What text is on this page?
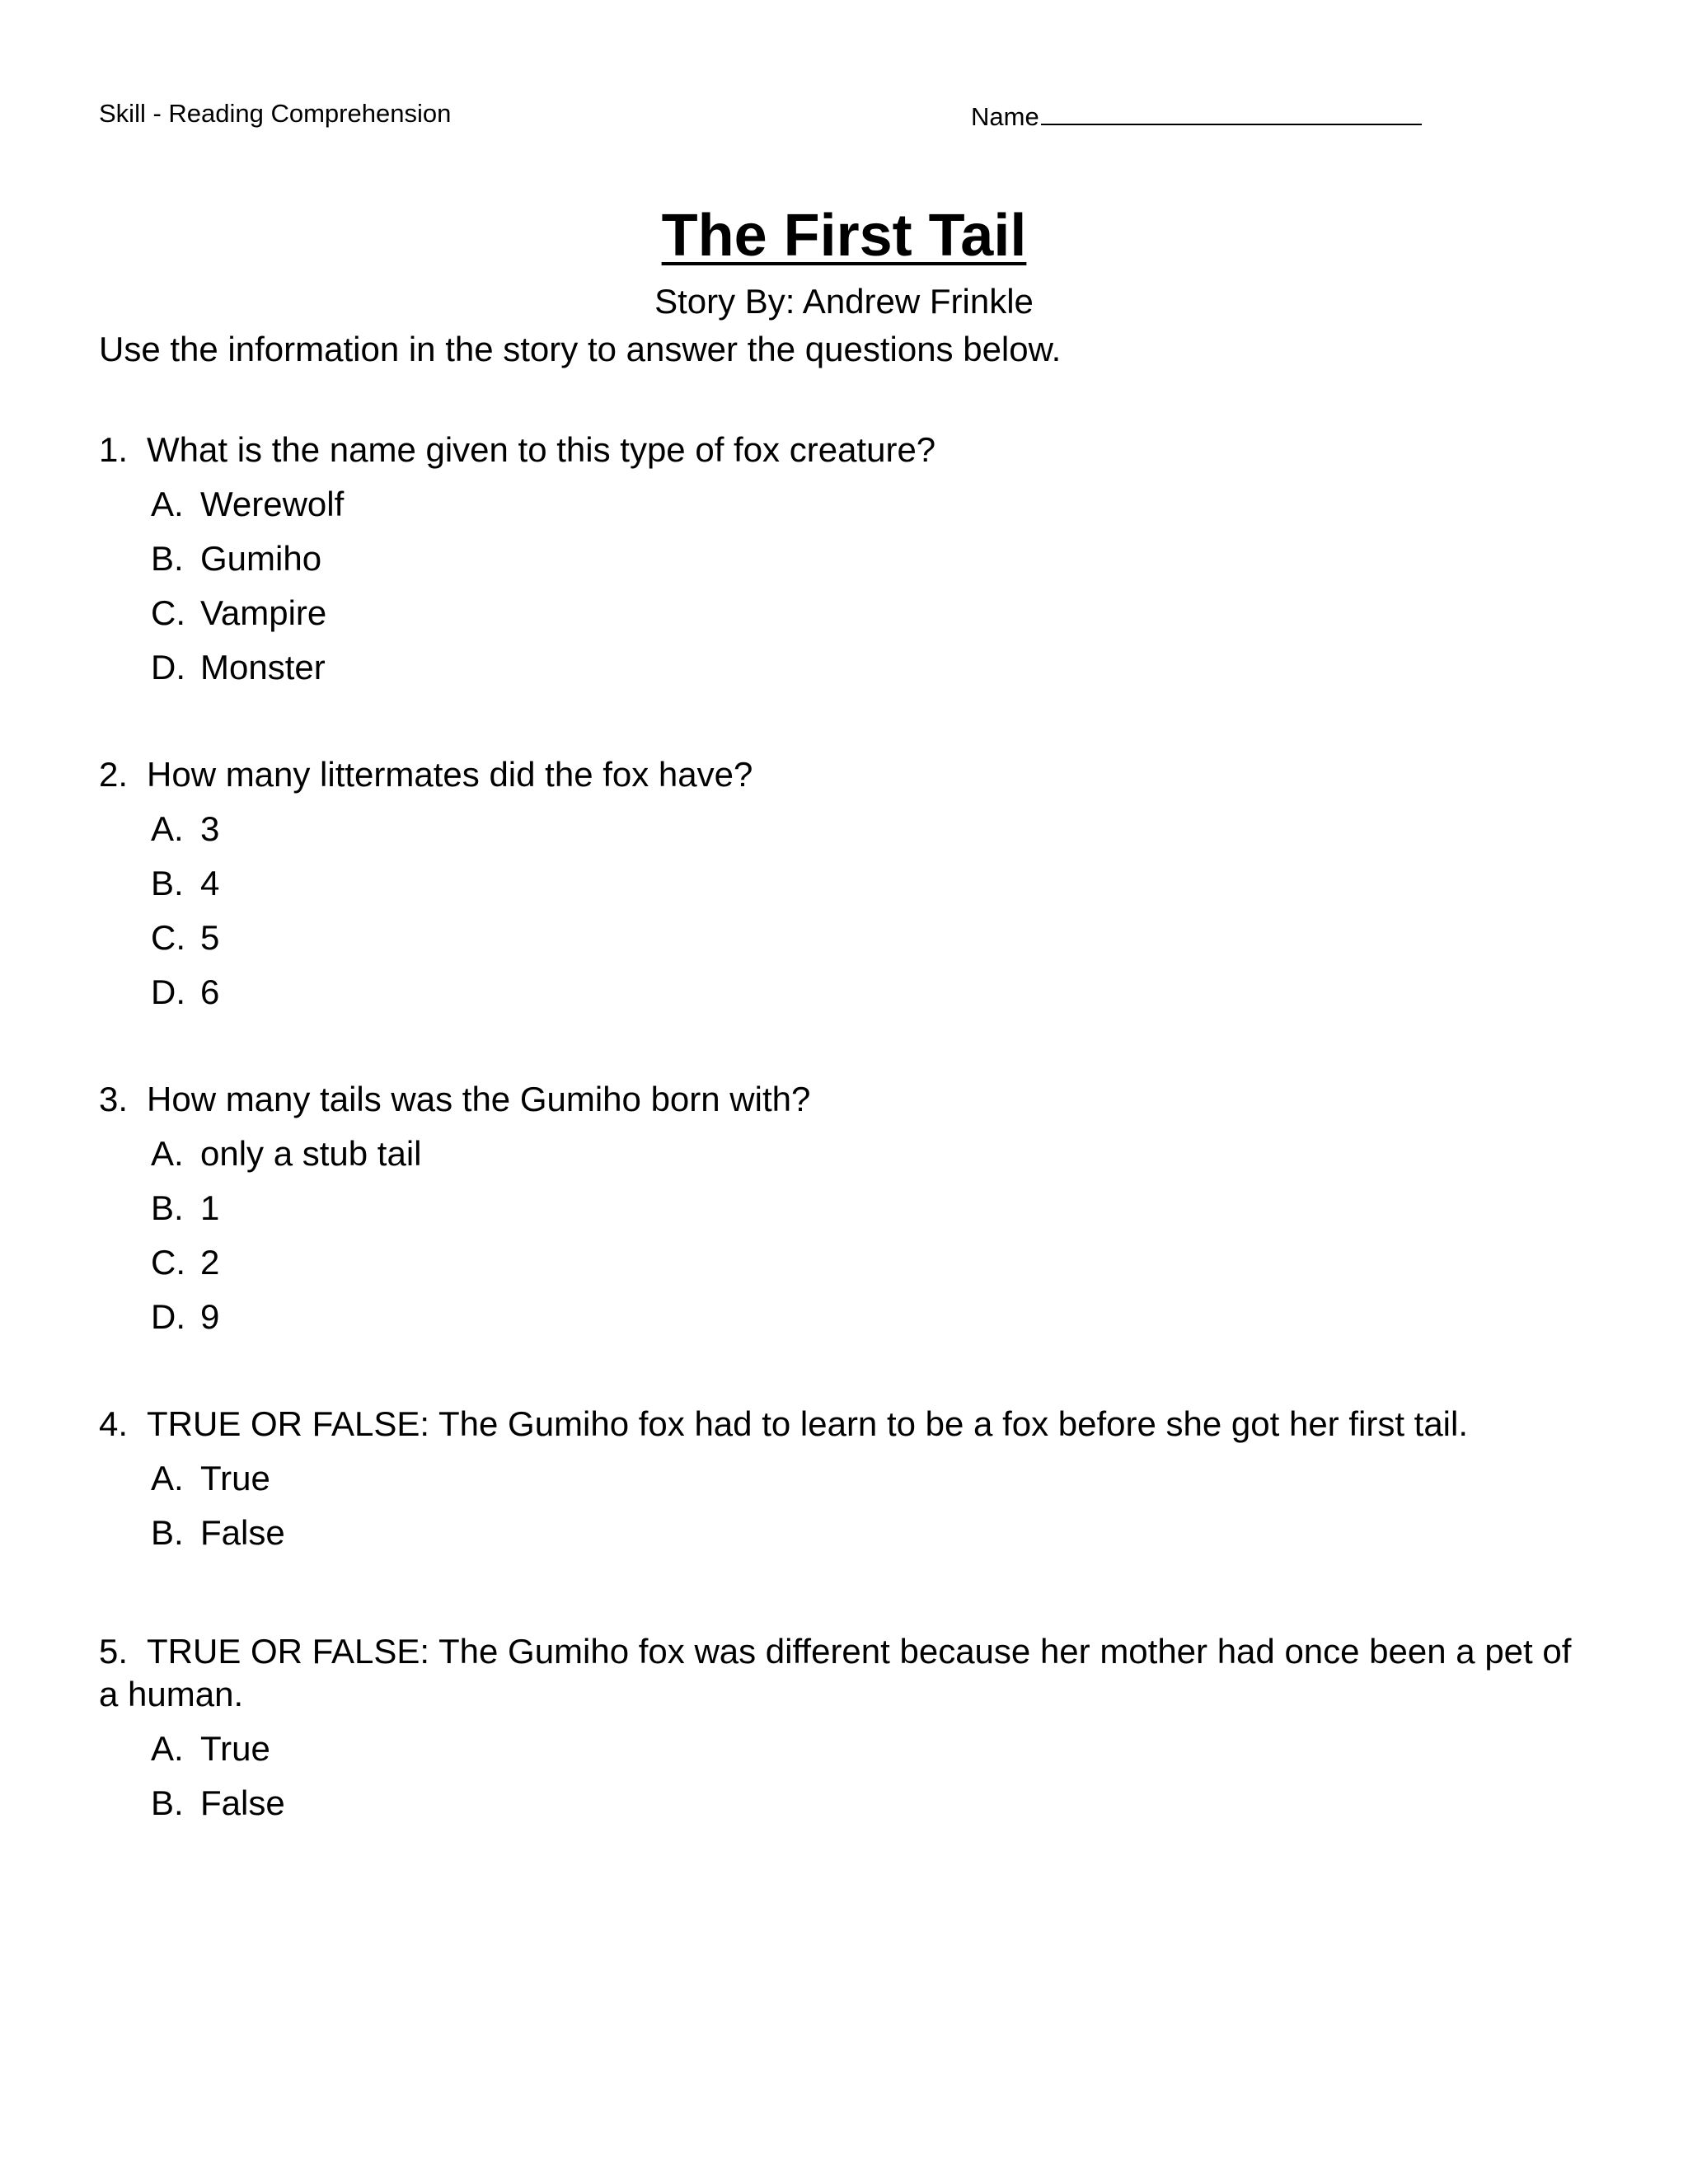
Skill - Reading Comprehension	Name
The First Tail
Story By: Andrew Frinkle
Use the information in the story to answer the questions below.
1. What is the name given to this type of fox creature?
A. Werewolf
B. Gumiho
C. Vampire
D. Monster
2. How many littermates did the fox have?
A. 3
B. 4
C. 5
D. 6
3. How many tails was the Gumiho born with?
A. only a stub tail
B. 1
C. 2
D. 9
4. TRUE OR FALSE: The Gumiho fox had to learn to be a fox before she got her first tail.
A. True
B. False
5. TRUE OR FALSE: The Gumiho fox was different because her mother had once been a pet of a human.
A. True
B. False
